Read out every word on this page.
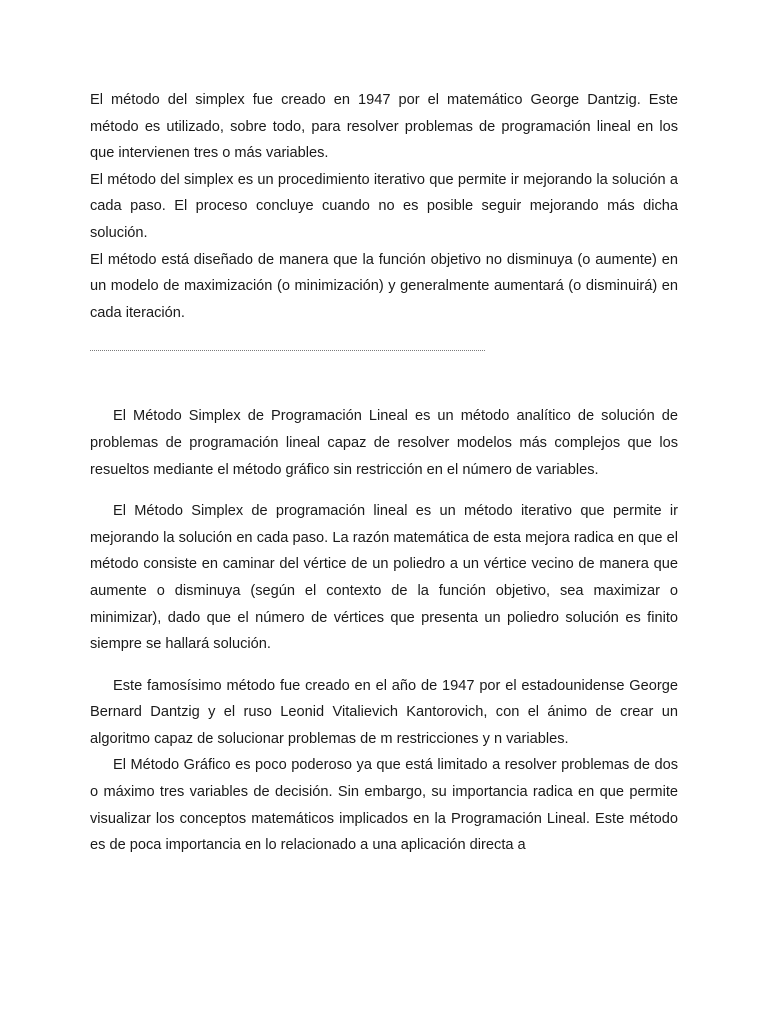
El método del simplex fue creado en 1947 por el matemático George Dantzig. Este método es utilizado, sobre todo, para resolver problemas de programación lineal en los que intervienen tres o más variables.

El método del simplex es un procedimiento iterativo que permite ir mejorando la solución a cada paso. El proceso concluye cuando no es posible seguir mejorando más dicha solución.

El método está diseñado de manera que la función objetivo no disminuya (o aumente) en un modelo de maximización (o minimización) y generalmente aumentará (o disminuirá) en cada iteración.

El Método Simplex de Programación Lineal es un método analítico de solución de problemas de programación lineal capaz de resolver modelos más complejos que los resueltos mediante el método gráfico sin restricción en el número de variables.

El Método Simplex de programación lineal es un método iterativo que permite ir mejorando la solución en cada paso. La razón matemática de esta mejora radica en que el método consiste en caminar del vértice de un poliedro a un vértice vecino de manera que aumente o disminuya (según el contexto de la función objetivo, sea maximizar o minimizar), dado que el número de vértices que presenta un poliedro solución es finito siempre se hallará solución.

Este famosísimo método fue creado en el año de 1947 por el estadounidense George Bernard Dantzig y el ruso Leonid Vitalievich Kantorovich, con el ánimo de crear un algoritmo capaz de solucionar problemas de m restricciones y n variables.

El Método Gráfico es poco poderoso ya que está limitado a resolver problemas de dos o máximo tres variables de decisión. Sin embargo, su importancia radica en que permite visualizar los conceptos matemáticos implicados en la Programación Lineal. Este método es de poca importancia en lo relacionado a una aplicación directa a
